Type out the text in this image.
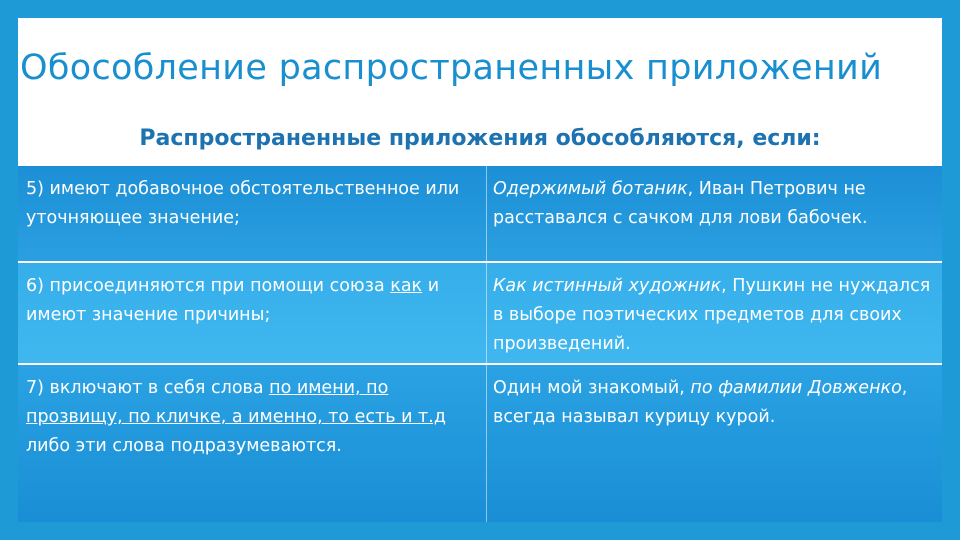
Обособление распространенных приложений
Распространенные приложения обособляются, если:
5) имеют добавочное обстоятельственное или уточняющее значение;
Одержимый ботаник, Иван Петрович не расставался с сачком для лови бабочек.
6) присоединяются при помощи союза как и имеют значение причины;
Как истинный художник, Пушкин не нуждался в выборе поэтических предметов для своих произведений.
7) включают в себя слова по имени, по прозвищу, по кличке, а именно, то есть и т.д либо эти слова подразумеваются.
Один мой знакомый, по фамилии Довженко, всегда называл курицу курой.
